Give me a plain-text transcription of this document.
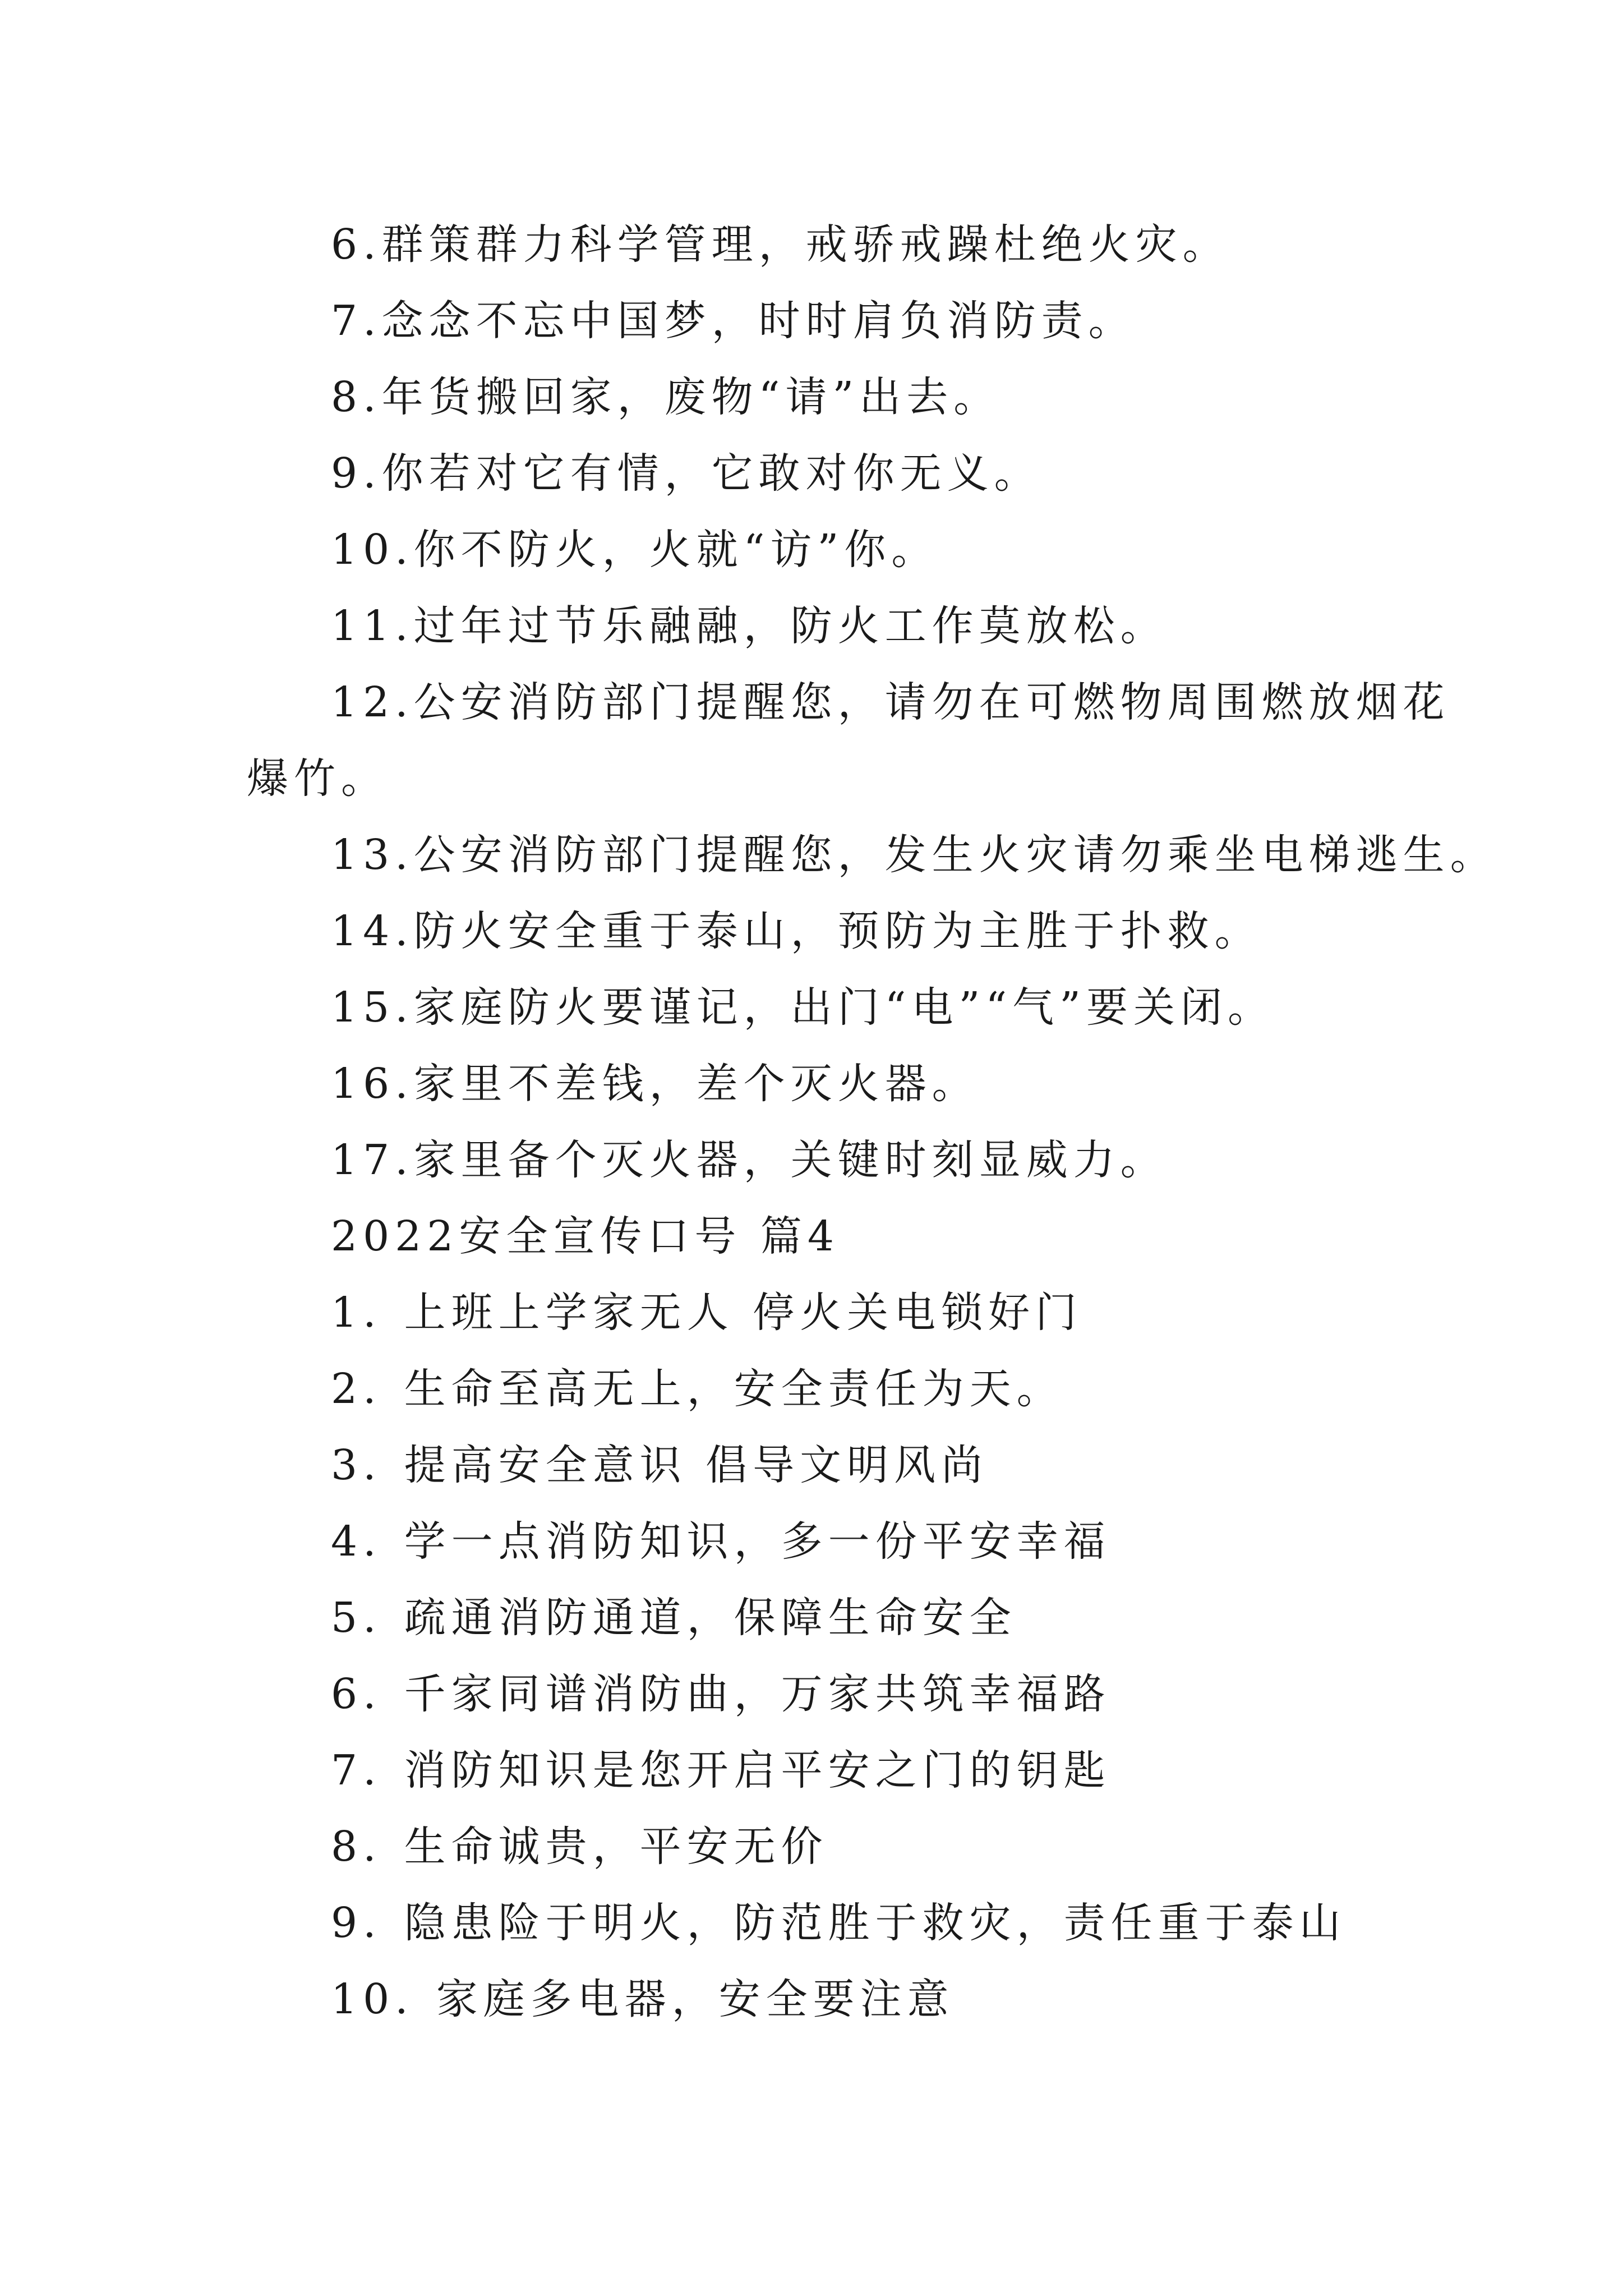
6.群策群力科学管理，戒骄戒躁杜绝火灾。
7.念念不忘中国梦，时时肩负消防责。
8.年货搬回家，废物“请”出去。
9.你若对它有情，它敢对你无义。
10.你不防火，火就“访”你。
11.过年过节乐融融，防火工作莫放松。
12.公安消防部门提醒您，请勿在可燃物周围燃放烟花
爆竹。
13.公安消防部门提醒您，发生火灾请勿乘坐电梯逃生。
14.防火安全重于泰山，预防为主胜于扑救。
15.家庭防火要谨记，出门“电”“气”要关闭。
16.家里不差钱，差个灭火器。
17.家里备个灭火器，关键时刻显威力。
2022安全宣传口号 篇4
1. 上班上学家无人 停火关电锁好门
2. 生命至高无上，安全责任为天。
3. 提高安全意识 倡导文明风尚
4. 学一点消防知识，多一份平安幸福
5. 疏通消防通道，保障生命安全
6. 千家同谱消防曲，万家共筑幸福路
7. 消防知识是您开启平安之门的钥匙
8. 生命诚贵，平安无价
9. 隐患险于明火，防范胜于救灾，责任重于泰山
10. 家庭多电器，安全要注意
